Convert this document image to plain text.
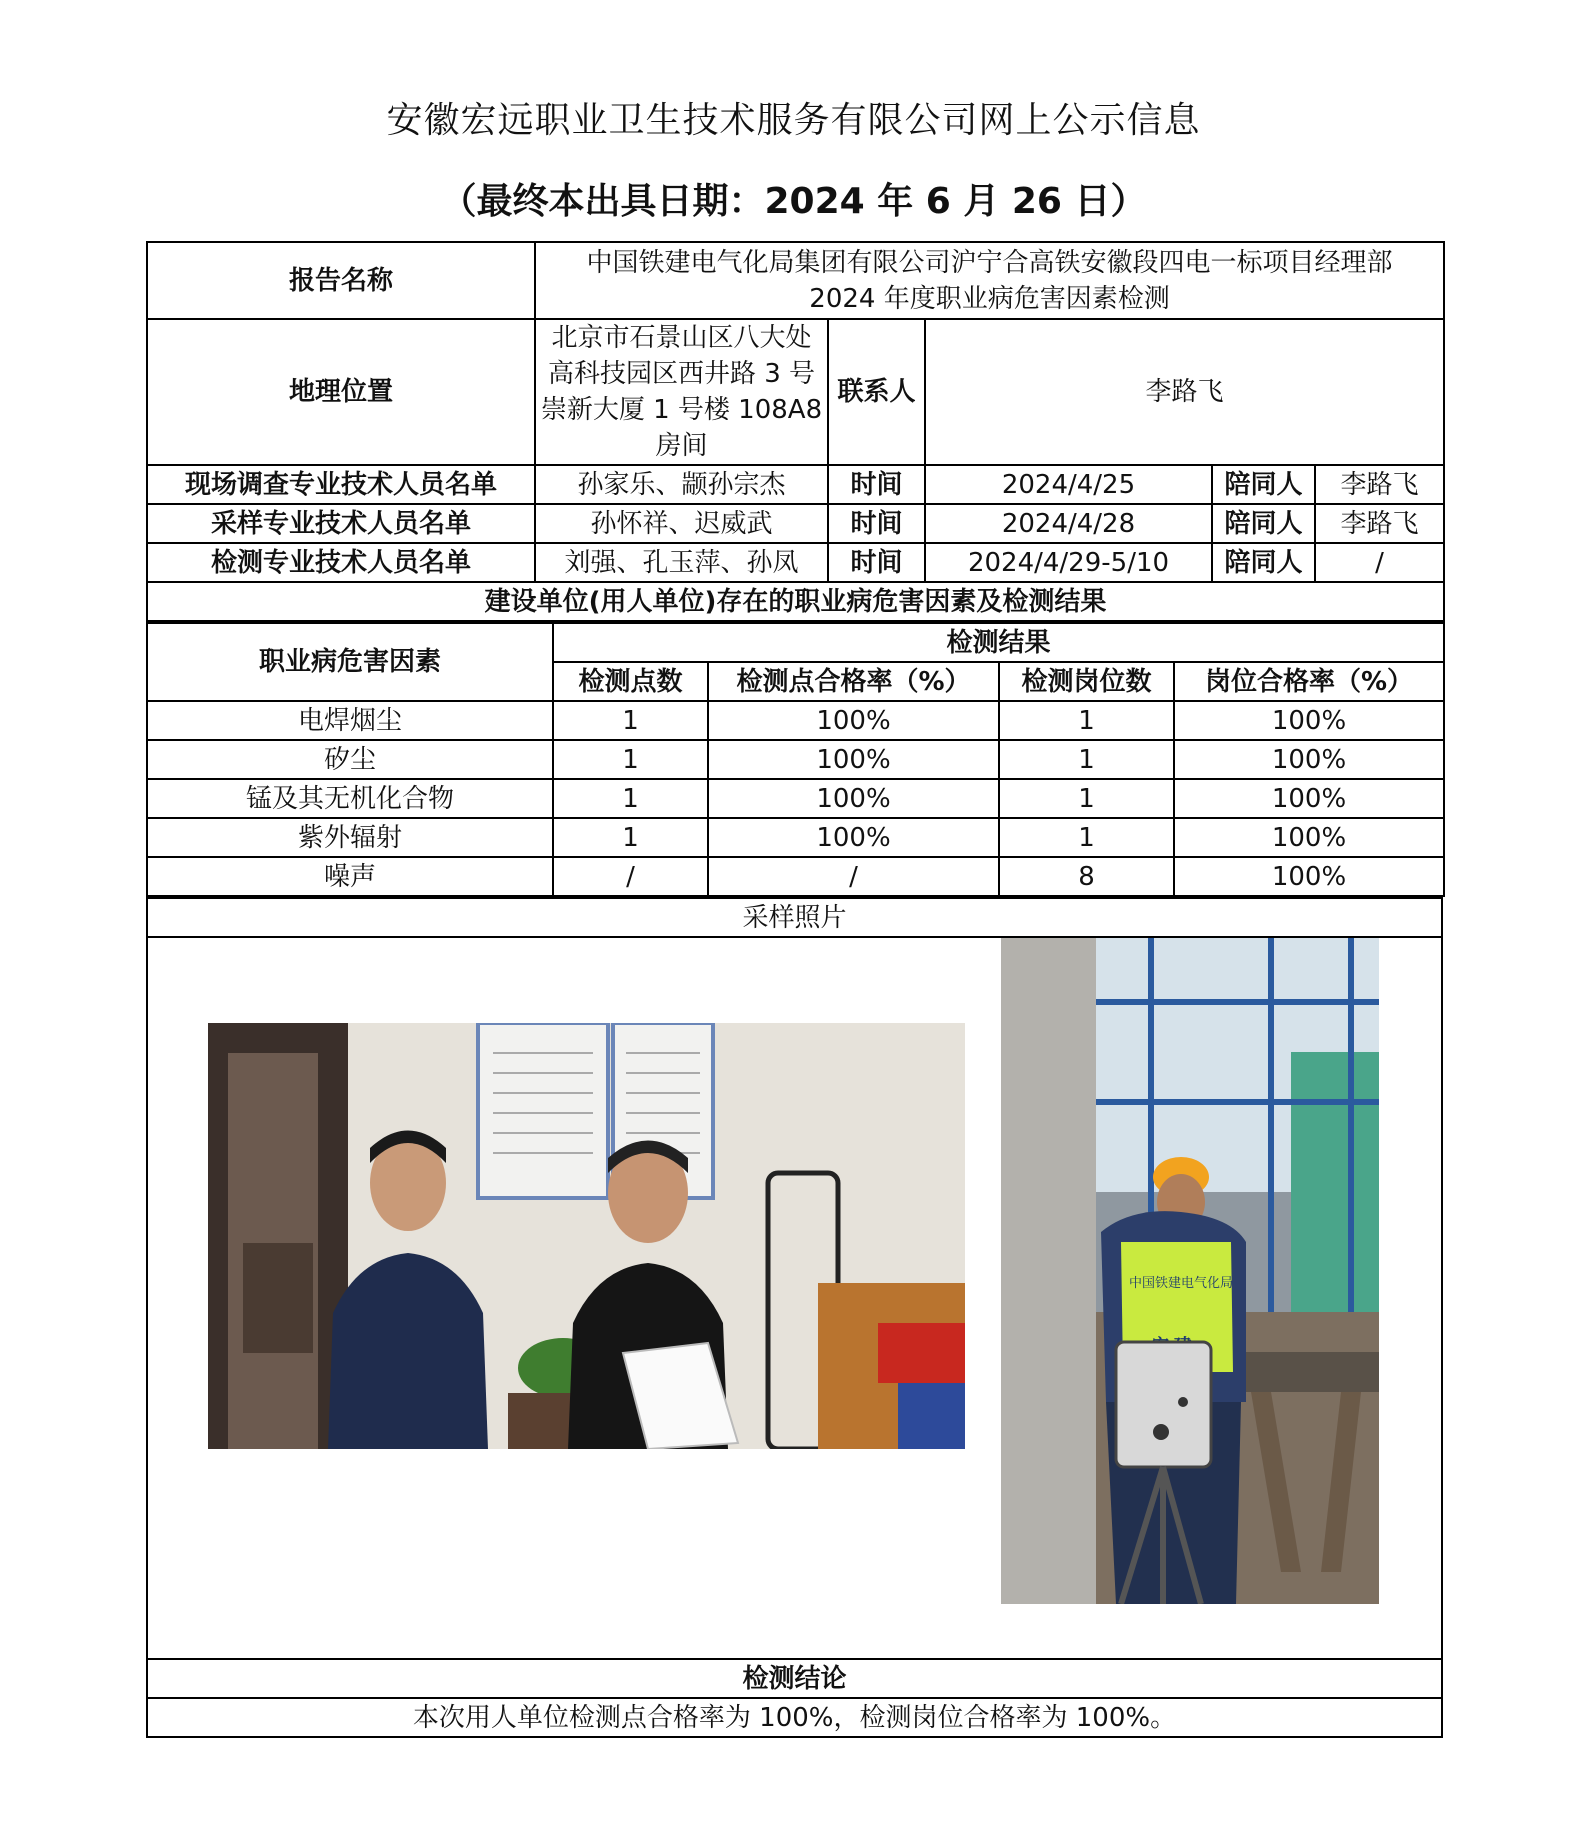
安徽宏远职业卫生技术服务有限公司网上公示信息
（最终本出具日期：2024 年 6 月 26 日）
报告名称	中国铁建电气化局集团有限公司沪宁合高铁安徽段四电一标项目经理部
2024 年度职业病危害因素检测				

地理位置	北京市石景山区八大处高科技园区西井路 3 号崇新大厦 1 号楼 108A8 房间	联系人	李路飞		
现场调查专业技术人员名单	孙家乐、颛孙宗杰	时间	2024/4/25	陪同人	李路飞
采样专业技术人员名单	孙怀祥、迟威武	时间	2024/4/28	陪同人	李路飞
检测专业技术人员名单	刘强、孔玉萍、孙凤	时间	2024/4/29-5/10	陪同人	/
建设单位(用人单位)存在的职业病危害因素及检测结果					
职业病危害因素	检测结果			
	检测点数	检测点合格率（%）	检测岗位数	岗位合格率（%）
电焊烟尘	1	100%	1	100%
矽尘	1	100%	1	100%
锰及其无机化合物	1	100%	1	100%
紫外辐射	1	100%	1	100%
噪声	/	/	8	100%
采样照片

中国铁建电气化局

检测结论
本次用人单位检测点合格率为 100%，检测岗位合格率为 100%。
